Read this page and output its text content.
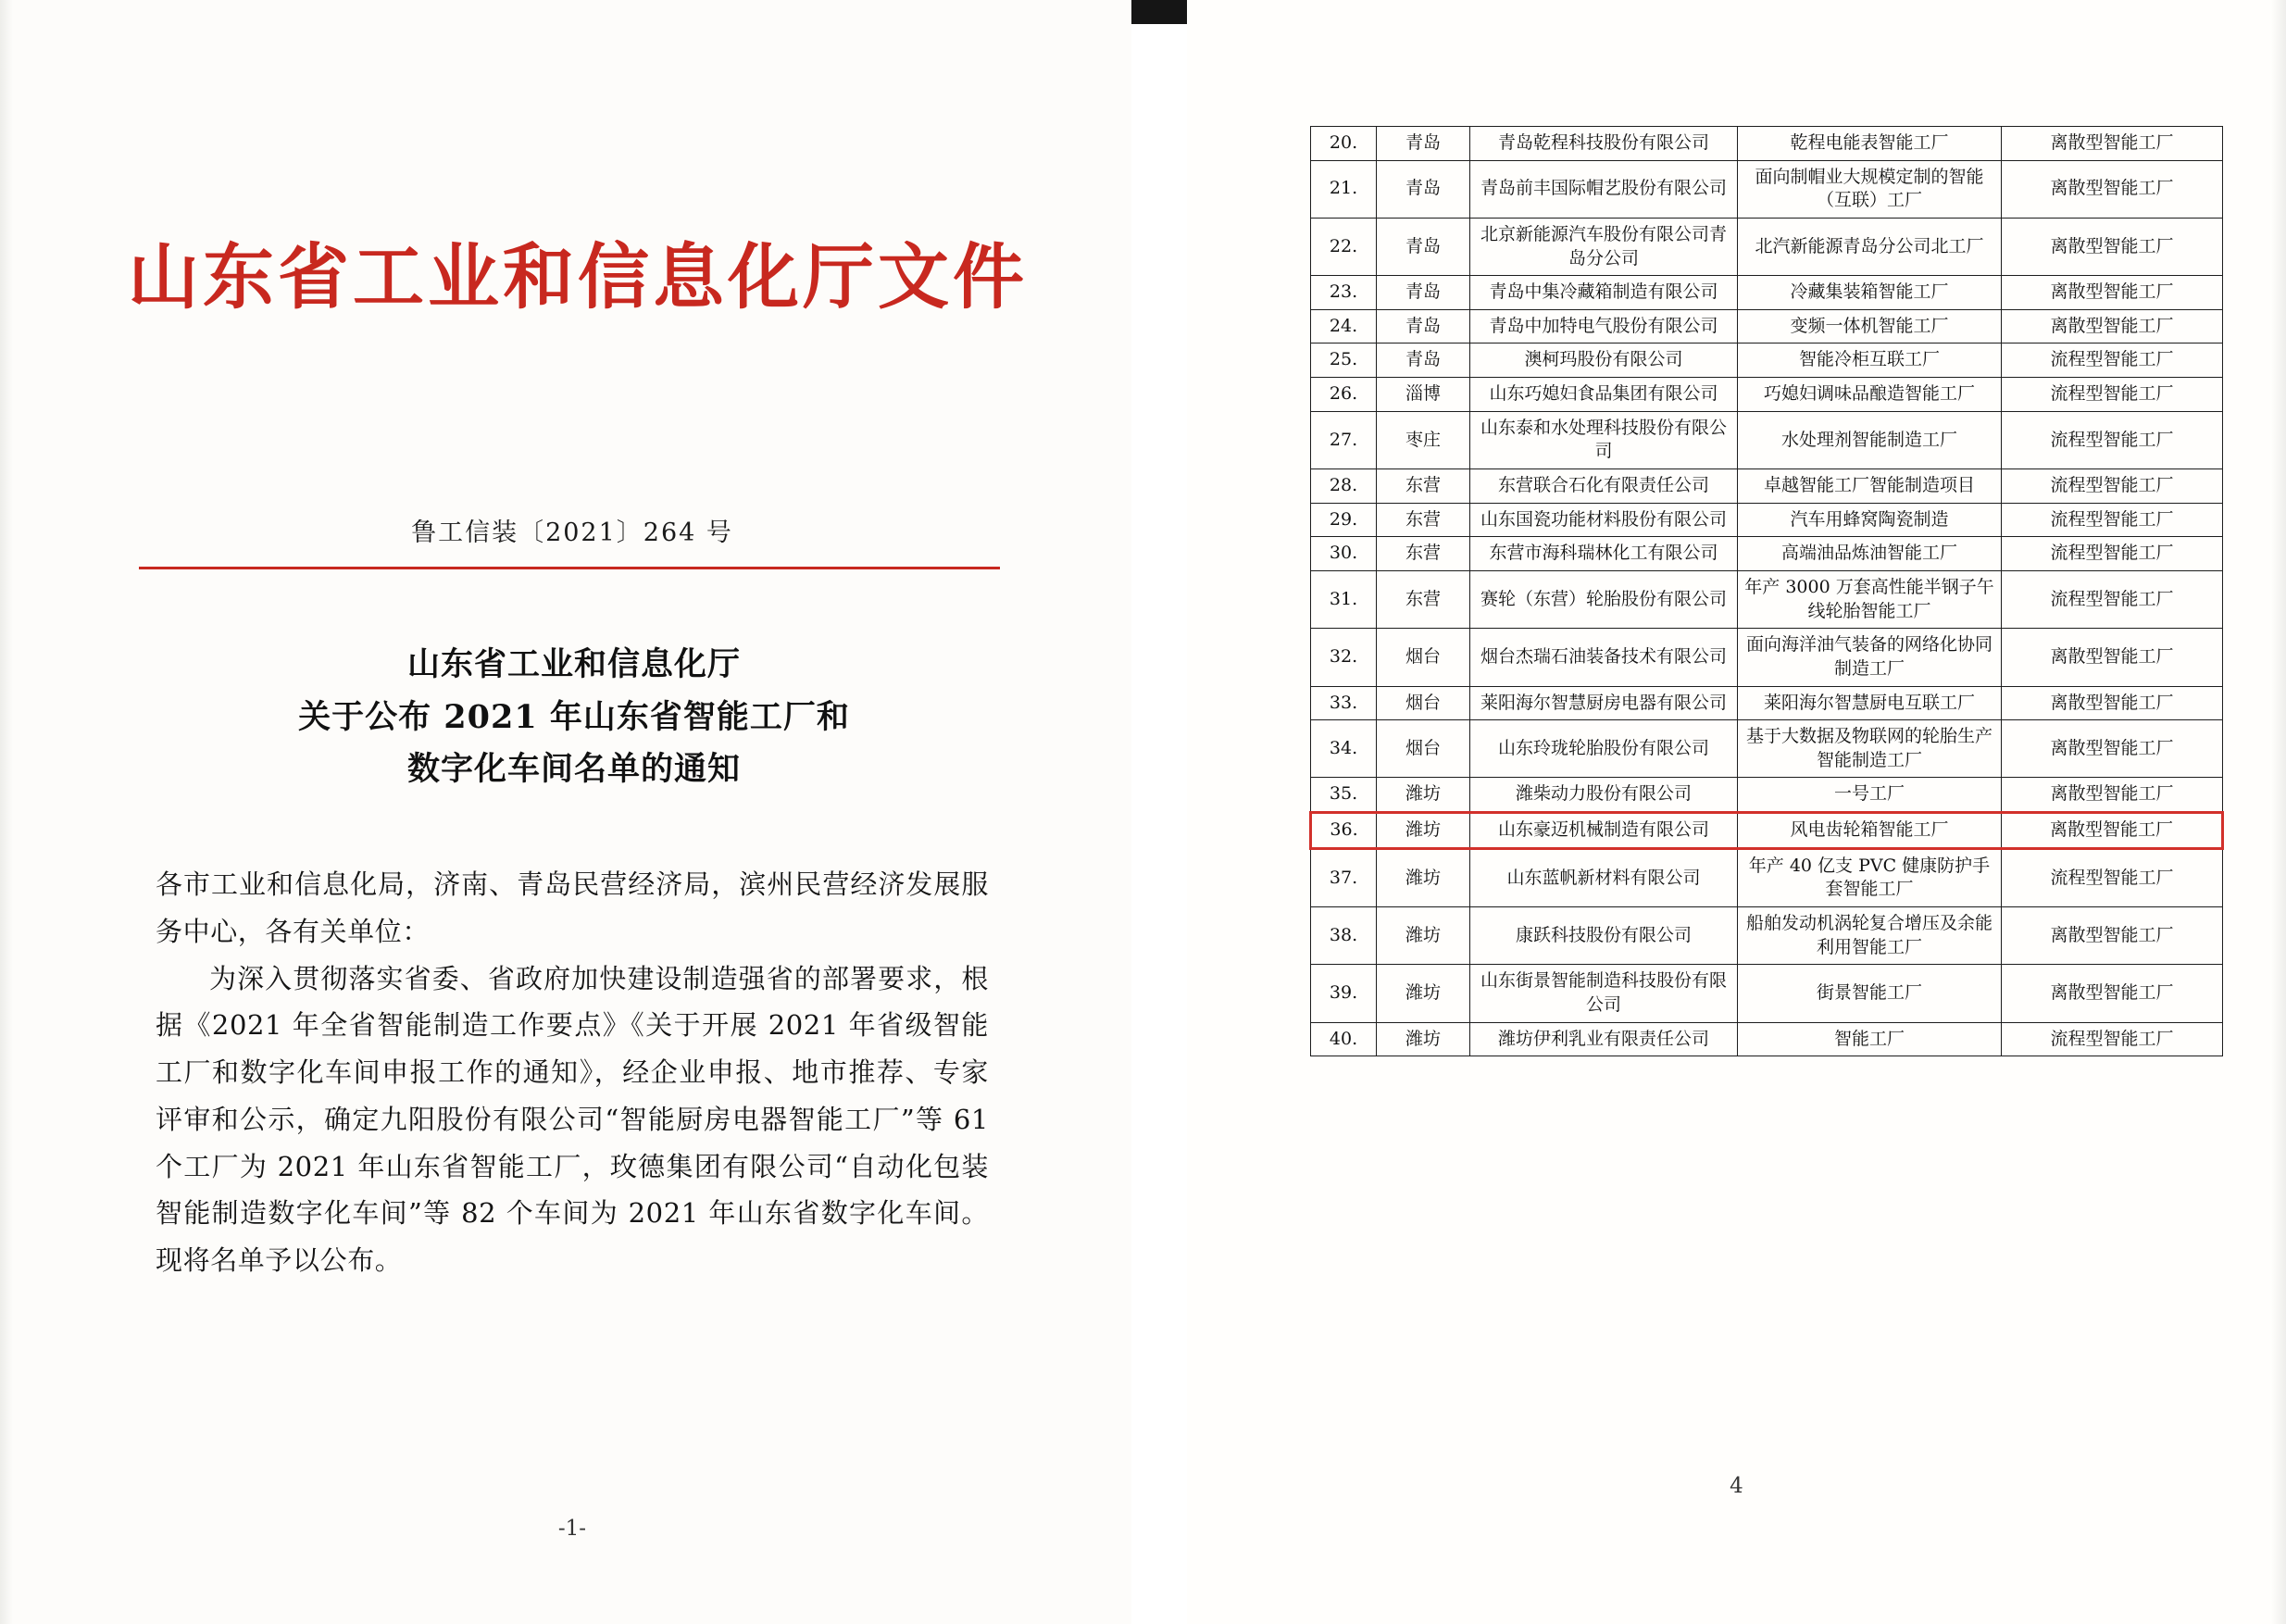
山东省工业和信息化厅文件
鲁工信装〔2021〕264 号
山东省工业和信息化厅
关于公布 2021 年山东省智能工厂和
数字化车间名单的通知

各市工业和信息化局，济南、青岛民营经济局，滨州民营经济发展服务中心，各有关单位：

为深入贯彻落实省委、省政府加快建设制造强省的部署要求，根据《2021 年全省智能制造工作要点》《关于开展 2021 年省级智能工厂和数字化车间申报工作的通知》，经企业申报、地市推荐、专家评审和公示，确定九阳股份有限公司“智能厨房电器智能工厂”等 61 个工厂为 2021 年山东省智能工厂，玫德集团有限公司“自动化包装智能制造数字化车间”等 82 个车间为 2021 年山东省数字化车间。现将名单予以公布。

-1-
20.	青岛	青岛乾程科技股份有限公司	乾程电能表智能工厂	离散型智能工厂
21.	青岛	青岛前丰国际帽艺股份有限公司	面向制帽业大规模定制的智能（互联）工厂	离散型智能工厂
22.	青岛	北京新能源汽车股份有限公司青岛分公司	北汽新能源青岛分公司北工厂	离散型智能工厂
23.	青岛	青岛中集冷藏箱制造有限公司	冷藏集装箱智能工厂	离散型智能工厂
24.	青岛	青岛中加特电气股份有限公司	变频一体机智能工厂	离散型智能工厂
25.	青岛	澳柯玛股份有限公司	智能冷柜互联工厂	流程型智能工厂
26.	淄博	山东巧媳妇食品集团有限公司	巧媳妇调味品酿造智能工厂	流程型智能工厂
27.	枣庄	山东泰和水处理科技股份有限公司	水处理剂智能制造工厂	流程型智能工厂
28.	东营	东营联合石化有限责任公司	卓越智能工厂智能制造项目	流程型智能工厂
29.	东营	山东国瓷功能材料股份有限公司	汽车用蜂窝陶瓷制造	流程型智能工厂
30.	东营	东营市海科瑞林化工有限公司	高端油品炼油智能工厂	流程型智能工厂
31.	东营	赛轮（东营）轮胎股份有限公司	年产 3000 万套高性能半钢子午线轮胎智能工厂	流程型智能工厂
32.	烟台	烟台杰瑞石油装备技术有限公司	面向海洋油气装备的网络化协同制造工厂	离散型智能工厂
33.	烟台	莱阳海尔智慧厨房电器有限公司	莱阳海尔智慧厨电互联工厂	离散型智能工厂
34.	烟台	山东玲珑轮胎股份有限公司	基于大数据及物联网的轮胎生产智能制造工厂	离散型智能工厂
35.	潍坊	潍柴动力股份有限公司	一号工厂	离散型智能工厂
36.	潍坊	山东豪迈机械制造有限公司	风电齿轮箱智能工厂	离散型智能工厂
37.	潍坊	山东蓝帆新材料有限公司	年产 40 亿支 PVC 健康防护手套智能工厂	流程型智能工厂
38.	潍坊	康跃科技股份有限公司	船舶发动机涡轮复合增压及余能利用智能工厂	离散型智能工厂
39.	潍坊	山东街景智能制造科技股份有限公司	街景智能工厂	离散型智能工厂
40.	潍坊	潍坊伊利乳业有限责任公司	智能工厂	流程型智能工厂
4
